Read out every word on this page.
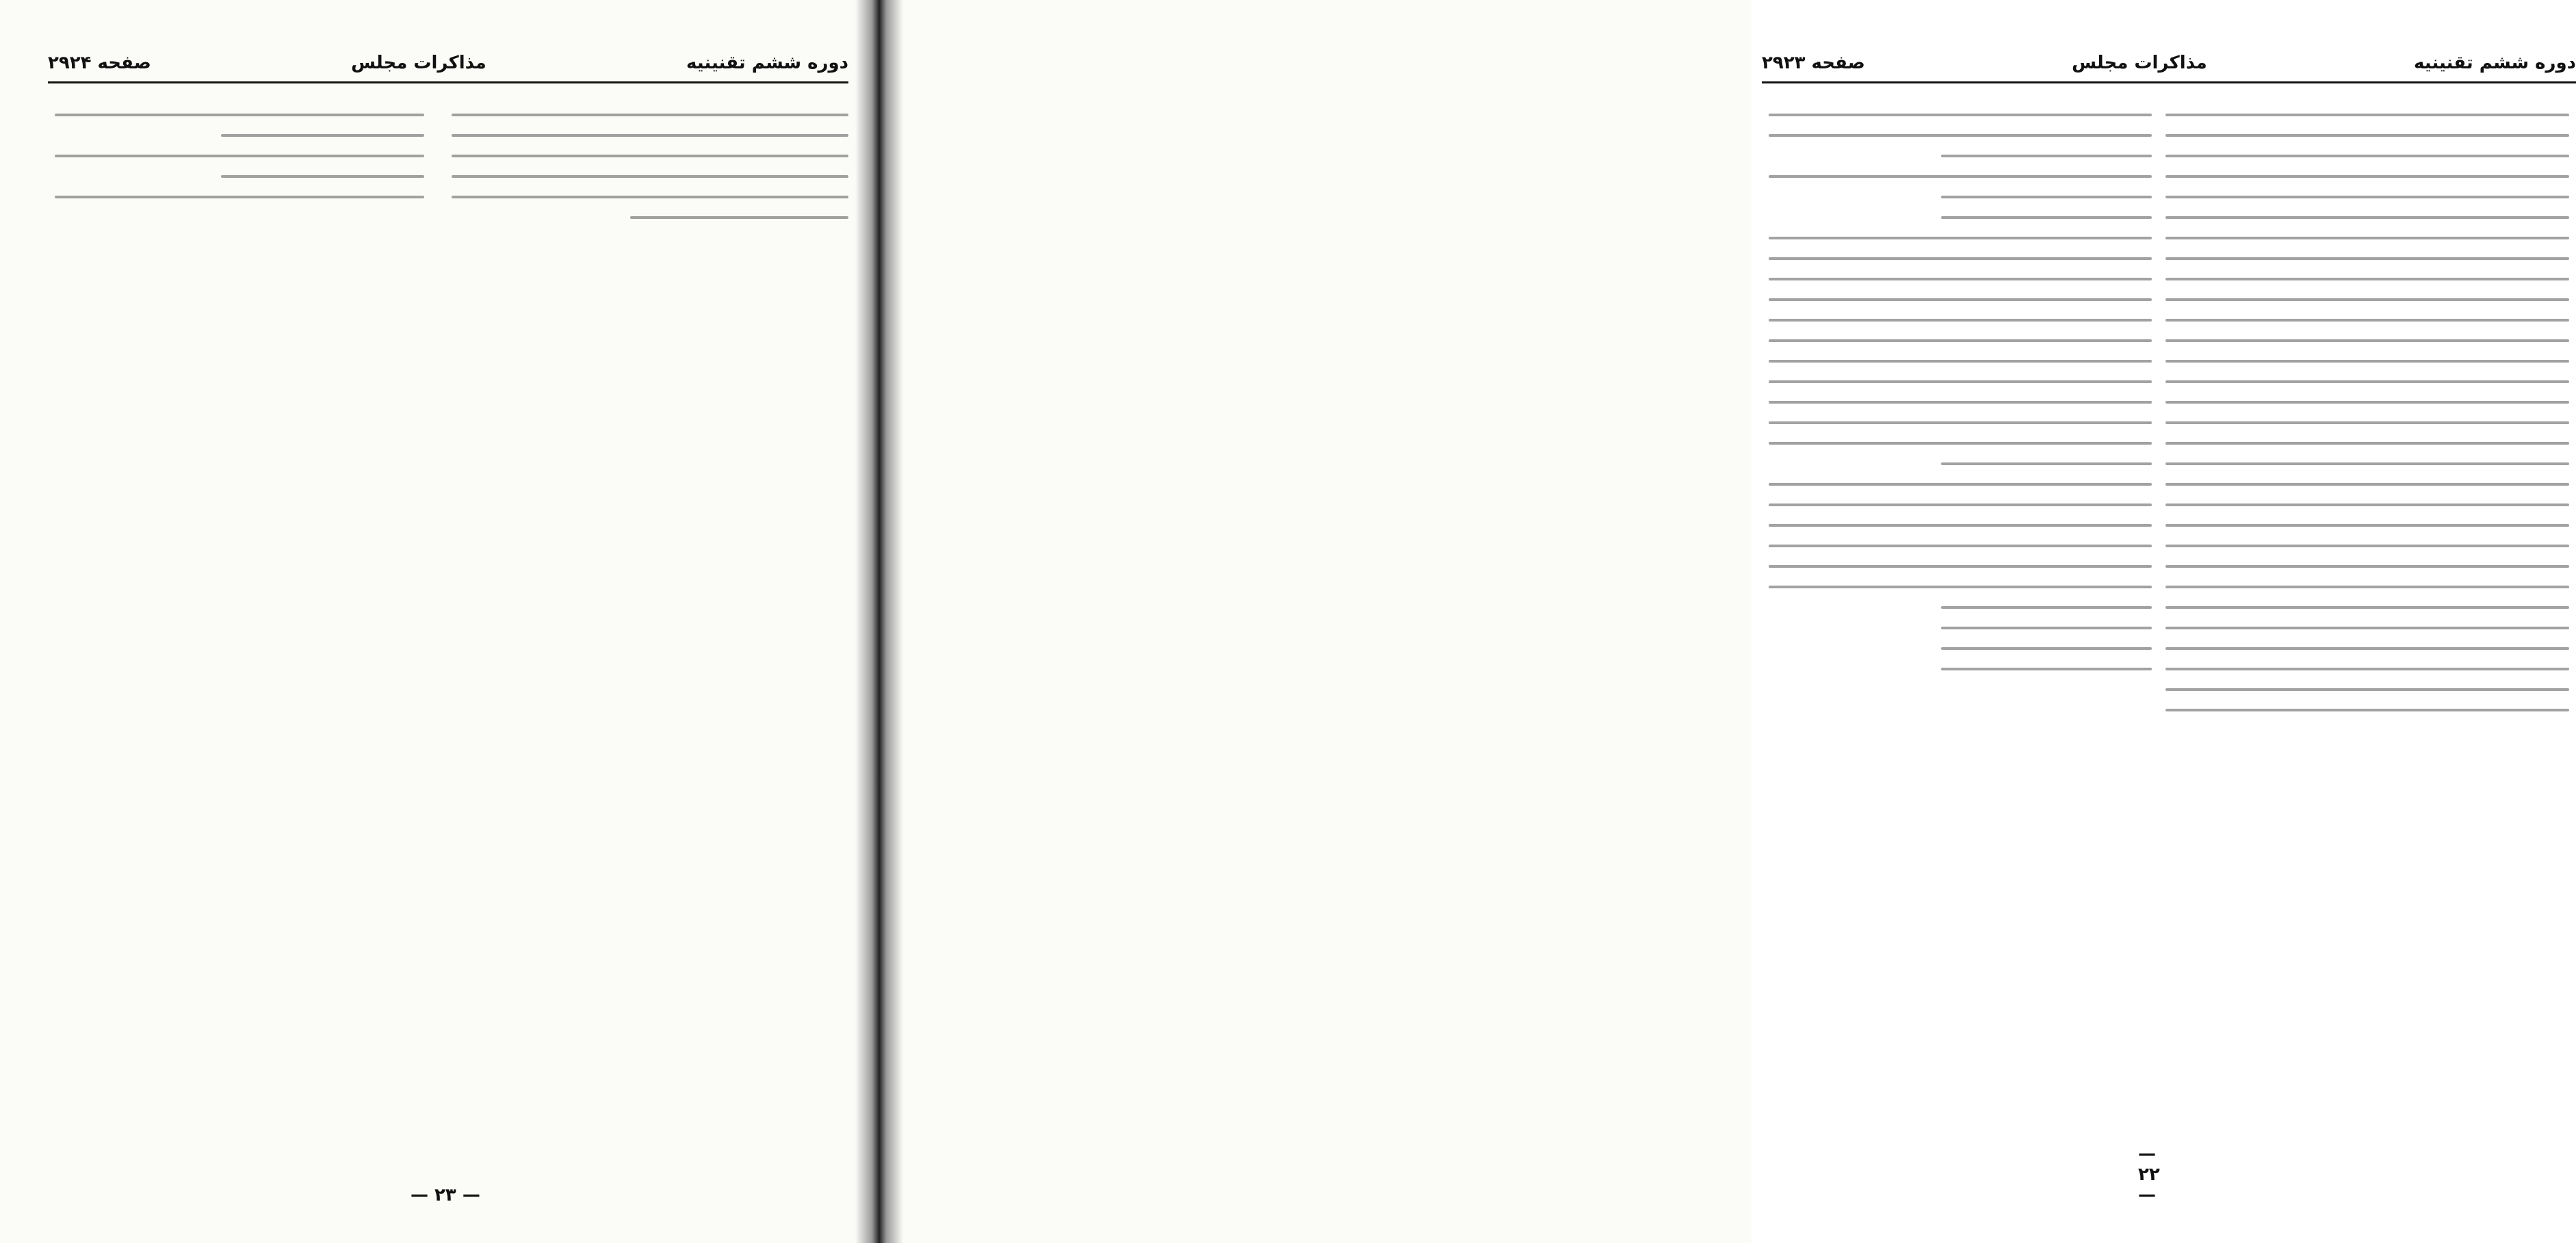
دوره ششم تقنینیه
مذاکرات مجلس
صفحه ۲۹۲۴
— ۲۳ —
دوره ششم تقنینیه
مذاکرات مجلس
صفحه ۲۹۲۳
— ۲۲ —
